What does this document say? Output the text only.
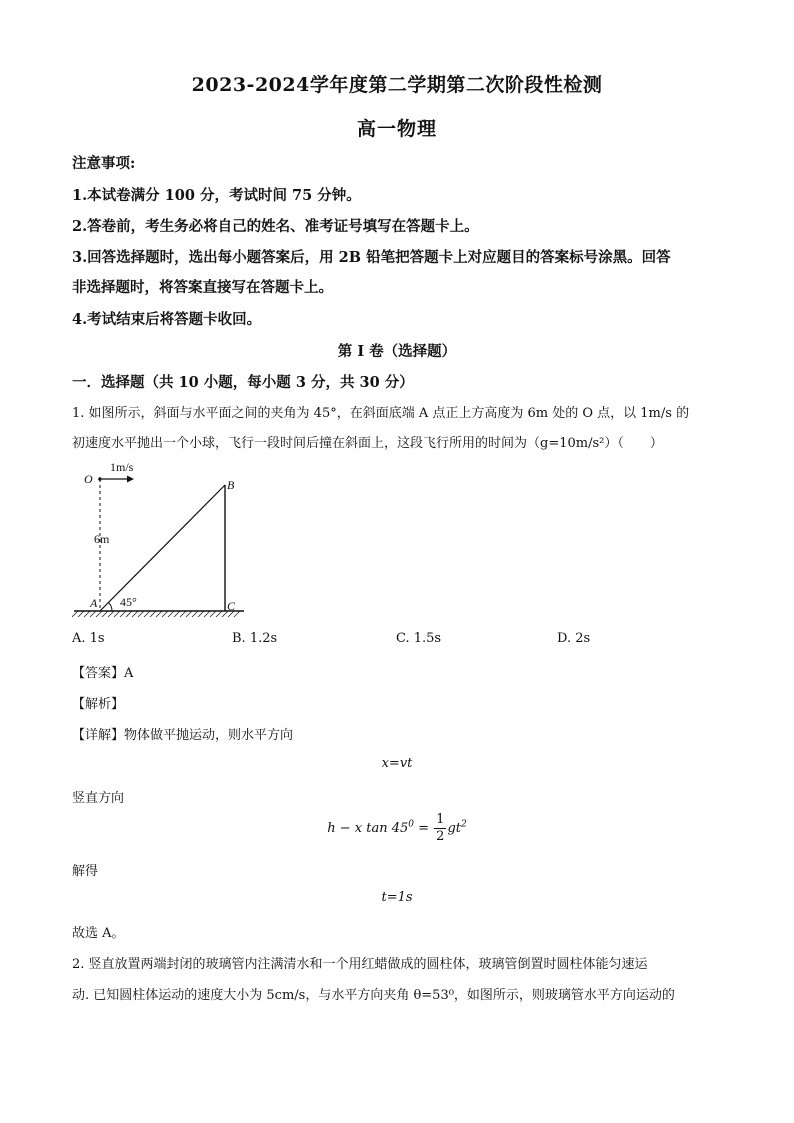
2023-2024学年度第二学期第二次阶段性检测
高一物理
注意事项:
1.本试卷满分 100 分，考试时间 75 分钟。
2.答卷前，考生务必将自己的姓名、准考证号填写在答题卡上。
3.回答选择题时，选出每小题答案后，用 2B 铅笔把答题卡上对应题目的答案标号涂黑。回答
非选择题时，将答案直接写在答题卡上。
4.考试结束后将答题卡收回。
第 I 卷（选择题）
一．选择题（共 10 小题，每小题 3 分，共 30 分）
1. 如图所示，斜面与水平面之间的夹角为 45°，在斜面底端 A 点正上方高度为 6m 处的 O 点，以 1m/s 的
初速度水平抛出一个小球，飞行一段时间后撞在斜面上，这段飞行所用的时间为（g=10m/s²）（　　）
1m/s
O
6m
B
A 45°	C
A. 1s	B. 1.2s	C. 1.5s	D. 2s
【答案】A
【解析】
【详解】物体做平抛运动，则水平方向
x=vt
竖直方向
h − x $\tan 45^0 = \frac{1}{2} gt^2$
解得
t=1s
故选 A。
2. 竖直放置两端封闭的玻璃管内注满清水和一个用红蜡做成的圆柱体，玻璃管倒置时圆柱体能匀速运
动. 已知圆柱体运动的速度大小为 5cm/s，与水平方向夹角 θ=53⁰，如图所示，则玻璃管水平方向运动的
